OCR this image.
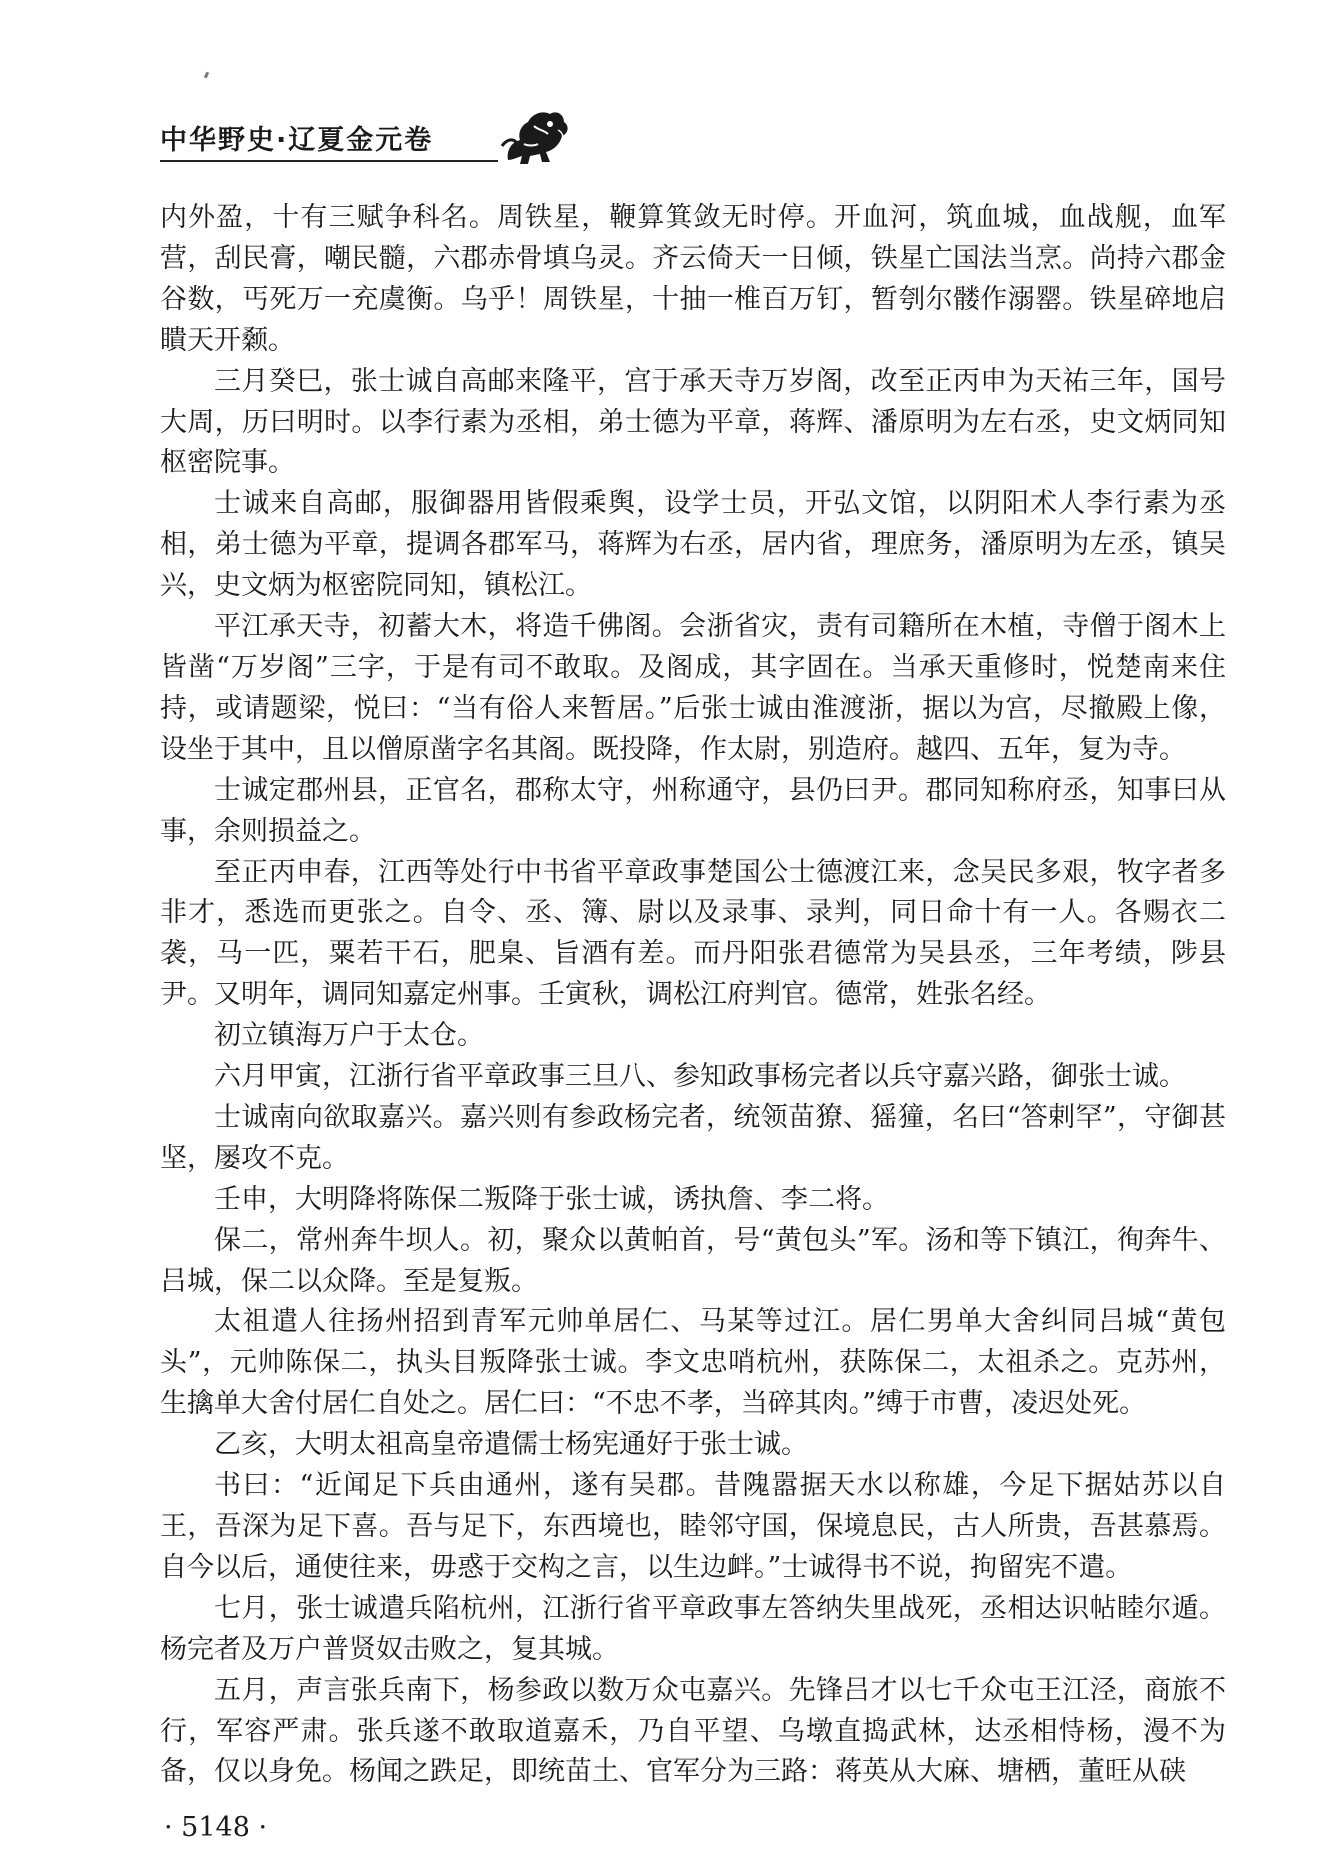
中华野史·辽夏金元卷

内外盈，十有三赋争科名。周铁星，鞭算箕敛无时停。开血河，筑血城，血战舰，血军营，刮民膏，嘲民髓，六郡赤骨填乌灵。齐云倚天一日倾，铁星亡国法当烹。尚持六郡金谷数，丐死万一充虞衡。乌乎！周铁星，十抽一椎百万钉，暂刳尔髅作溺罂。铁星碎地启瞶天开颡。

三月癸巳，张士诚自高邮来隆平，宫于承天寺万岁阁，改至正丙申为天祐三年，国号大周，历曰明时。以李行素为丞相，弟士德为平章，蒋辉、潘原明为左右丞，史文炳同知枢密院事。

士诚来自高邮，服御器用皆假乘舆，设学士员，开弘文馆，以阴阳术人李行素为丞相，弟士德为平章，提调各郡军马，蒋辉为右丞，居内省，理庶务，潘原明为左丞，镇吴兴，史文炳为枢密院同知，镇松江。

平江承天寺，初蓄大木，将造千佛阁。会浙省灾，责有司籍所在木植，寺僧于阁木上皆凿“万岁阁”三字，于是有司不敢取。及阁成，其字固在。当承天重修时，悦楚南来住持，或请题梁，悦曰：“当有俗人来暂居。”后张士诚由淮渡浙，据以为宫，尽撤殿上像，设坐于其中，且以僧原凿字名其阁。既投降，作太尉，别造府。越四、五年，复为寺。

士诚定郡州县，正官名，郡称太守，州称通守，县仍曰尹。郡同知称府丞，知事曰从事，余则损益之。

至正丙申春，江西等处行中书省平章政事楚国公士德渡江来，念吴民多艰，牧字者多非才，悉选而更张之。自令、丞、簿、尉以及录事、录判，同日命十有一人。各赐衣二袭，马一匹，粟若干石，肥臬、旨酒有差。而丹阳张君德常为吴县丞，三年考绩，陟县尹。又明年，调同知嘉定州事。壬寅秋，调松江府判官。德常，姓张名经。

初立镇海万户于太仓。

六月甲寅，江浙行省平章政事三旦八、参知政事杨完者以兵守嘉兴路，御张士诚。

士诚南向欲取嘉兴。嘉兴则有参政杨完者，统领苗獠、猺獞，名曰“答剌罕”，守御甚坚，屡攻不克。

壬申，大明降将陈保二叛降于张士诚，诱执詹、李二将。

保二，常州奔牛坝人。初，聚众以黄帕首，号“黄包头”军。汤和等下镇江，徇奔牛、吕城，保二以众降。至是复叛。

太祖遣人往扬州招到青军元帅单居仁、马某等过江。居仁男单大舍纠同吕城“黄包头”，元帅陈保二，执头目叛降张士诚。李文忠哨杭州，获陈保二，太祖杀之。克苏州，生擒单大舍付居仁自处之。居仁曰：“不忠不孝，当碎其肉。”缚于市曹，凌迟处死。

乙亥，大明太祖高皇帝遣儒士杨宪通好于张士诚。

书曰：“近闻足下兵由通州，遂有吴郡。昔隗嚣据天水以称雄，今足下据姑苏以自王，吾深为足下喜。吾与足下，东西境也，睦邻守国，保境息民，古人所贵，吾甚慕焉。自今以后，通使往来，毋惑于交构之言，以生边衅。”士诚得书不说，拘留宪不遣。

七月，张士诚遣兵陷杭州，江浙行省平章政事左答纳失里战死，丞相达识帖睦尔遁。杨完者及万户普贤奴击败之，复其城。

五月，声言张兵南下，杨参政以数万众屯嘉兴。先锋吕才以七千众屯王江泾，商旅不行，军容严肃。张兵遂不敢取道嘉禾，乃自平望、乌墩直捣武林，达丞相恃杨，漫不为备，仅以身免。杨闻之跌足，即统苗土、官军分为三路：蒋英从大麻、塘栖，董旺从硖

· 5148 ·
